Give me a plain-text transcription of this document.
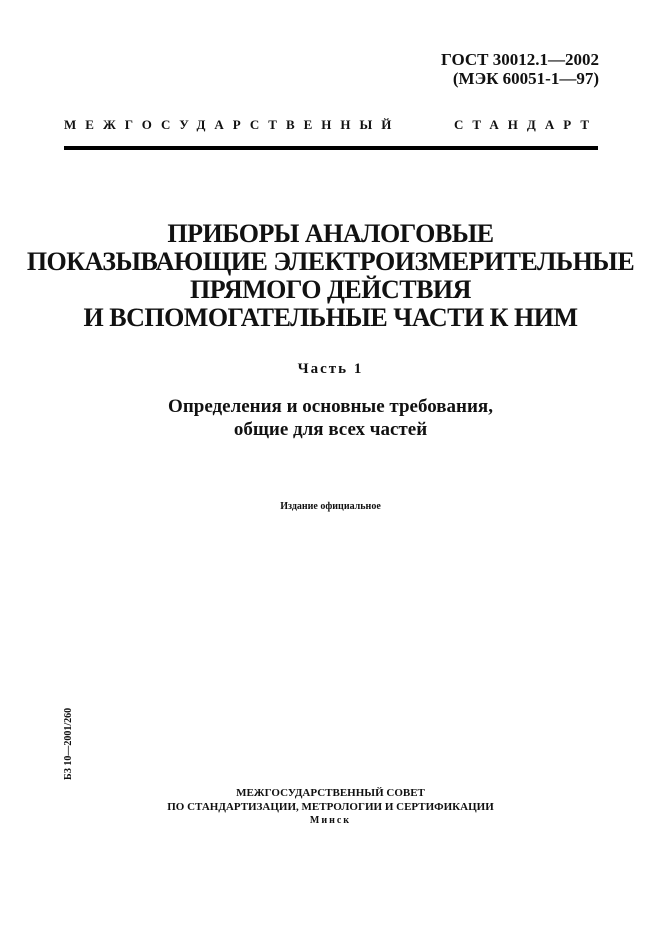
ГОСТ 30012.1—2002
(МЭК 60051-1—97)
МЕЖГОСУДАРСТВЕННЫЙ СТАНДАРТ
ПРИБОРЫ АНАЛОГОВЫЕ
ПОКАЗЫВАЮЩИЕ ЭЛЕКТРОИЗМЕРИТЕЛЬНЫЕ
ПРЯМОГО ДЕЙСТВИЯ
И ВСПОМОГАТЕЛЬНЫЕ ЧАСТИ К НИМ
Часть 1
Определения и основные требования,
общие для всех частей
Издание официальное
БЗ 10—2001/260
МЕЖГОСУДАРСТВЕННЫЙ СОВЕТ
ПО СТАНДАРТИЗАЦИИ, МЕТРОЛОГИИ И СЕРТИФИКАЦИИ
Минск
